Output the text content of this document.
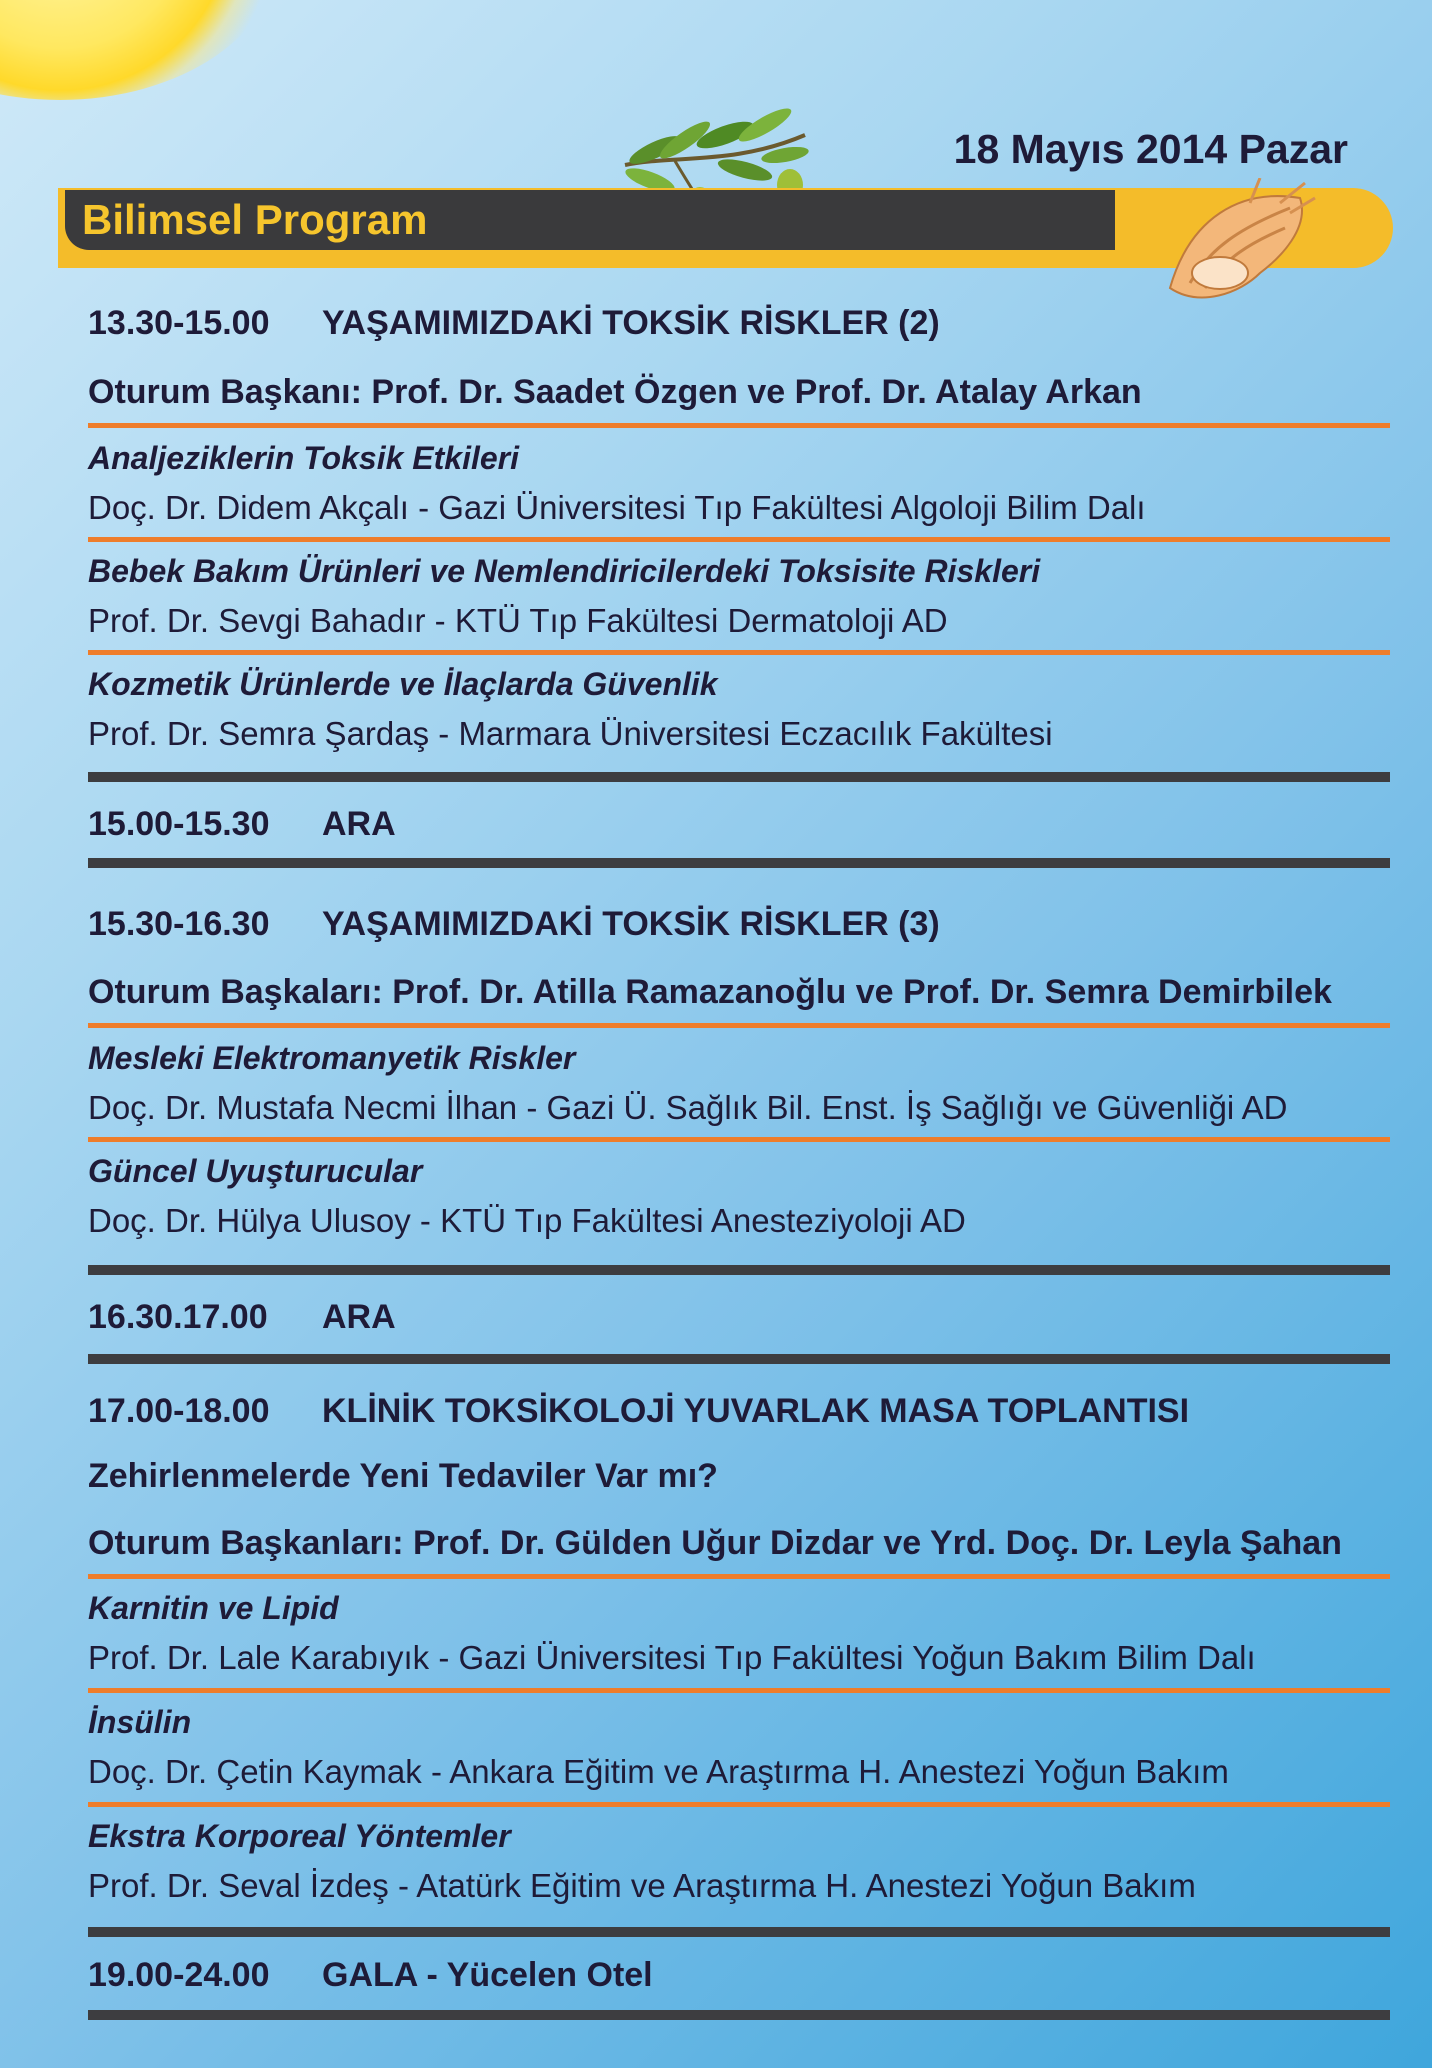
18 Mayıs 2014 Pazar
Bilimsel Program
13.30-15.00 YAŞAMIMIZDAKİ TOKSİK RİSKLER (2)
Oturum Başkanı: Prof. Dr. Saadet Özgen ve Prof. Dr. Atalay Arkan
Analjeziklerin Toksik Etkileri
Doç. Dr. Didem Akçalı - Gazi Üniversitesi Tıp Fakültesi Algoloji Bilim Dalı
Bebek Bakım Ürünleri ve Nemlendiricilerdeki Toksisite Riskleri
Prof. Dr. Sevgi Bahadır - KTÜ Tıp Fakültesi Dermatoloji AD
Kozmetik Ürünlerde ve İlaçlarda Güvenlik
Prof. Dr. Semra Şardaş - Marmara Üniversitesi Eczacılık Fakültesi
15.00-15.30 ARA
15.30-16.30 YAŞAMIMIZDAKİ TOKSİK RİSKLER (3)
Oturum Başkaları: Prof. Dr. Atilla Ramazanoğlu ve Prof. Dr. Semra Demirbilek
Mesleki Elektromanyetik Riskler
Doç. Dr. Mustafa Necmi İlhan - Gazi Ü. Sağlık Bil. Enst. İş Sağlığı ve Güvenliği AD
Güncel Uyuşturucular
Doç. Dr. Hülya Ulusoy - KTÜ Tıp Fakültesi Anesteziyoloji AD
16.30.17.00 ARA
17.00-18.00 KLİNİK TOKSİKOLOJİ YUVARLAK MASA TOPLANTISI
Zehirlenmelerde Yeni Tedaviler Var mı?
Oturum Başkanları: Prof. Dr. Gülden Uğur Dizdar ve Yrd. Doç. Dr. Leyla Şahan
Karnitin ve Lipid
Prof. Dr. Lale Karabıyık - Gazi Üniversitesi Tıp Fakültesi Yoğun Bakım Bilim Dalı
İnsülin
Doç. Dr. Çetin Kaymak - Ankara Eğitim ve Araştırma H. Anestezi Yoğun Bakım
Ekstra Korporeal Yöntemler
Prof. Dr. Seval İzdeş - Atatürk Eğitim ve Araştırma H. Anestezi Yoğun Bakım
19.00-24.00 GALA - Yücelen Otel
